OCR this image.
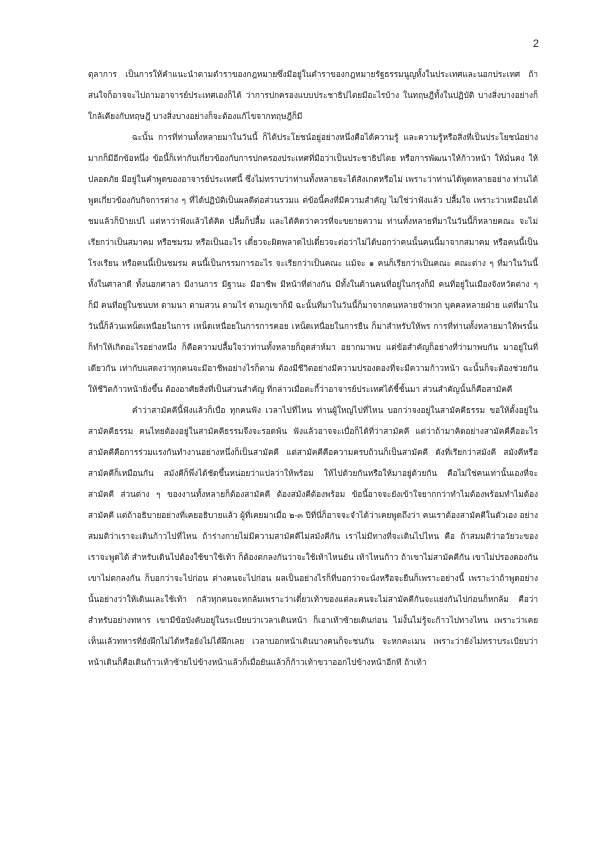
2

ตุลาการ เป็นการให้คำแนะนำตามตำราของกฎหมายซึ่งมีอยู่ในตำราของกฎหมายรัฐธรรมนูญทั้งในประเทศและนอกประเทศ ถ้าสนใจก็อาจจะไปถามอาจารย์ประเทศเองก็ได้ ว่าการปกครองแบบประชาธิปไตยมีอะไรบ้าง ในทฤษฎีทั้งในปฏิบัติ บางสิ่งบางอย่างก็ใกล้เคียงกับทฤษฎี บางสิ่งบางอย่างก็จะต้องแก้ไขจากทฤษฎีก็มี

ฉะนั้น การที่ท่านทั้งหลายมาในวันนี้ ก็ได้ประโยชน์อยู่อย่างหนึ่งคือได้ความรู้ และความรู้หรือสิ่งที่เป็นประโยชน์อย่างมากก็มีอีกข้อหนึ่ง ข้อนี้ก็เท่ากับเกี่ยวข้องกับการปกครองประเทศที่มีอว่าเป็นประชาธิปไตย หรือการพัฒนาให้ก้าวหน้า ให้มั่นคง ให้ปลอดภัย มีอยู่ในคำพูดของอาจารย์ประเทศนี้ ซึ่งไม่ทราบว่าท่านทั้งหลายจะได้สังเกตหรือไม่ เพราะว่าท่านได้พูดหลายอย่าง ท่านได้พูดเกี่ยวข้องกับกิจการต่าง ๆ ที่ได้ปฏิบัติเป็นผลดีต่อส่วนรวมแ ต่ข้อนี้คงที่มีความสำคัญ ไม่ใช่ว่าฟังแล้ว ปลื้มใจ เพราะว่าเหมือนได้ชมแล้วก็ป้ายเปไ แต่หาว่าฟังแล้วได้คิด ปลื้มก็ปลื้ม และได้คิดว่าควรที่จะขยายความ ท่านทั้งหลายที่มาในวันนี้ก็หลายคณะ จะไม่เรียกว่าเป็นสมาคม หรือชมรม หรือเป็นอะไร เดี๋ยวจะผิดพลาดไปเดี๋ยวจะต่อว่าไม่ได้บอกว่าคนนั้นคนนี้มาจากสมาคม หรือคนนี้เป็นโรงเรียน หรือคนนี้เป็นชมรม คนนี้เป็นกรรมการอะไร จะเรียกว่าเป็นคณะ แม้จะ ๑ คนก็เรียกว่าเป็นคณะ คณะต่าง ๆ ที่มาในวันนี้ ทั้งในศาลาดี ทั้งนอกศาลา มีงานการ มีฐานะ มีอาชีพ มีหน้าที่ต่างกัน มีทั้งในด้านคนที่อยู่ในกรุงก็มี คนที่อยู่ในเมืองจังหวัดต่าง ๆ ก็มี คนที่อยู่ในชนบท ตามนา ตามสวน ตามไร่ ตามภูเขาก็มี ฉะนั้นที่มาในวันนี้ก็มาจากคนหลายจำพวก บุคคลหลายฝ่าย แต่ที่มาในวันนี้ก็ล้วนเหน็ดเหนื่อยในการ เหน็ดเหนื่อยในการการคอย เหน็ดเหนื่อยในการยืน ก็มาสำหรับให้พร การที่ท่านทั้งหลายมาให้พรนั้น ก็ทำให้เกิดอะไรอย่างหนึ่ง ก็คือความปลื้มใจว่าท่านทั้งหลายก็อุตส่าห์มา อยากมาพบ แต่ข้อสำคัญก็อย่างที่ว่ามาพบกัน มาอยู่ในที่เดียวกัน เท่ากับแสดงว่าทุกคนจะมีอาชีพอย่างไรก็ตาม ต้องมีชีวิตอย่างมีความปรองดองที่จะมีความก้าวหน้า ฉะนั้นก็จะต้องช่วยกันให้ชีวิตก้าวหน้ายิ่งขึ้น ต้องอาศัยสิ่งที่เป็นส่วนสำคัญ ที่กล่าวเมื่อตะกี้ว่าอาจารย์ประเทศได้ชี้ชั้นมา ส่วนสำคัญนั้นก็คือสามัคคี

คำว่าสามัคคีนี้ฟังแล้วก็เบื่อ ทุกคนฟัง เวลาไปที่ไหน ท่านผู้ใหญ่ไปที่ไหน บอกว่าจงอยู่ในสามัคคีธรรม ขอให้ตั้งอยู่ในสามัคคีธรรม คนไทยต้องอยู่ในสามัคคีธรรมจึงจะรอดพ้น ฟังแล้วอาจจะเบื่อก็ได้ที่ว่าสามัคคี แต่ว่าถ้ามาคิดอย่างสามัคคีคืออะไร สามัคคีคือการร่วมแรงกันทำงานอย่างหนึ่งก็เป็นสามัคคี แต่สามัคคีคือความครบถ้วนก็เป็นสามัคคี ดังที่เรียกว่าสมังคี สมังคีหรือสามัคคีก็เหมือนกัน สมังคีก็พึ่งได้ชัดขึ้นหน่อยว่าแปลว่าให้พร้อม ให้ไปด้วยกันหรือให้มาอยู่ด้วยกัน คือไม่ใช่คนเท่านั้นเองที่จะสามัคคี ส่วนต่าง ๆ ของงานทั้งหลายก็ต้องสามัคคี ต้องสมังคีต้องพร้อม ข้อนี้อาจจะยังเข้าใจยากกว่าทำไมต้องพร้อมทำไมต้องสามัคคี แต่ถ้าอธิบายอย่างที่เคยอธิบายแล้ว ผู้ที่เคยมาเมื่อ ๒-๓ ปีที่นี่ก็อาจจะจำได้ว่าเคยพูดถึงว่า คนเราต้องสามัคคีในตัวเอง อย่างสมมติว่าเราจะเดินก้าวไปที่ไหน ถ้าร่างกายไม่มีความสามัคคีไม่สมังคีกัน เราไม่มีทางที่จะเดินไปไหน คือ ถ้าสมมติว่าอวัยวะของเราจะพูดได้ สำหรับเดินไปต้องใช้ขาใช้เท้า ก็ต้องตกลงกันว่าจะใช้เท้าไหนยัน เท้าไหนก้าว ถ้าเขาไม่สามัคคีกัน เขาไม่ปรองดองกัน เขาไม่ตกลงกัน ก็บอกว่าจะไปก่อน ต่างคนจะไปก่อน ผลเป็นอย่างไรก็ที่บอกว่าจะนั่งหรือจะยืนก็เพราะอย่างนี้ เพราะว่าถ้าพูดอย่างนั้นอย่างว่าให้เดินและใช้เท้า กลัวทุกคนจะหกล้มเพราะว่าเดี๋ยวเท้าของแต่ละคนจะไม่สามัคคีกันจะแย่งกันไปก่อนก็หกล้ม คือว่าสำหรับอย่างทหาร เขามีข้อบังคับอยู่ในระเบียบว่าเวลาเดินหน้า ก็เอาเท้าซ้ายเดินก่อน ไม่งั้นไม่รู้จะก้าวไปทางไหน เพราะว่าเคยเห็นแล้วทหารที่ยังฝึกไม่ได้หรือยังไม่ได้ฝึกเลย เวลาบอกหน้าเดินบางคนก็จะชนกัน จะหกคะเมน เพราะว่ายังไม่ทราบระเบียบว่า หน้าเดินก็คือเดินก้าวเท้าซ้ายไปข้างหน้าแล้วก็เมื่อยันแล้วก็ก้าวเท้าขวาออกไปข้างหน้าอีกที ถ้าเท้า
